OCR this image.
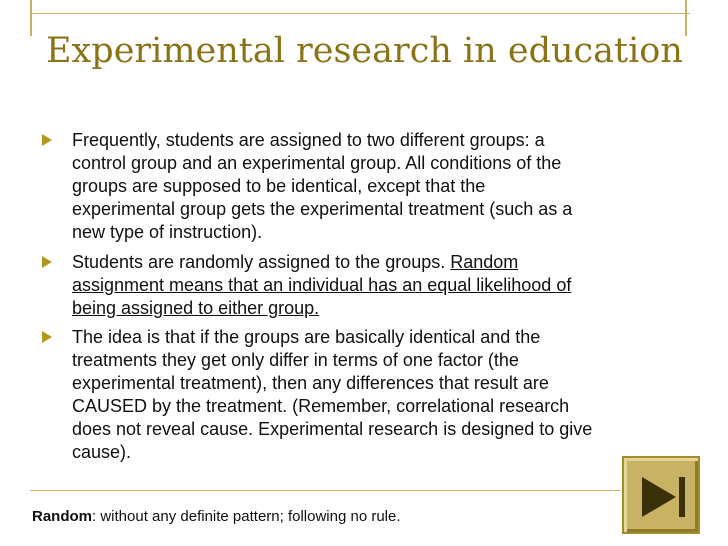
Experimental research in education
Frequently, students are assigned to two different groups: a
control group and an experimental group. All conditions of the
groups are supposed to be identical, except that the
experimental group gets the experimental treatment (such as a
new type of instruction).
Students are randomly assigned to the groups. Random
assignment means that an individual has an equal likelihood of
being assigned to either group.
The idea is that if the groups are basically identical and the
treatments they get only differ in terms of one factor (the
experimental treatment), then any differences that result are
CAUSED by the treatment. (Remember, correlational research
does not reveal cause. Experimental research is designed to give
cause).
Random: without any definite pattern; following no rule.
